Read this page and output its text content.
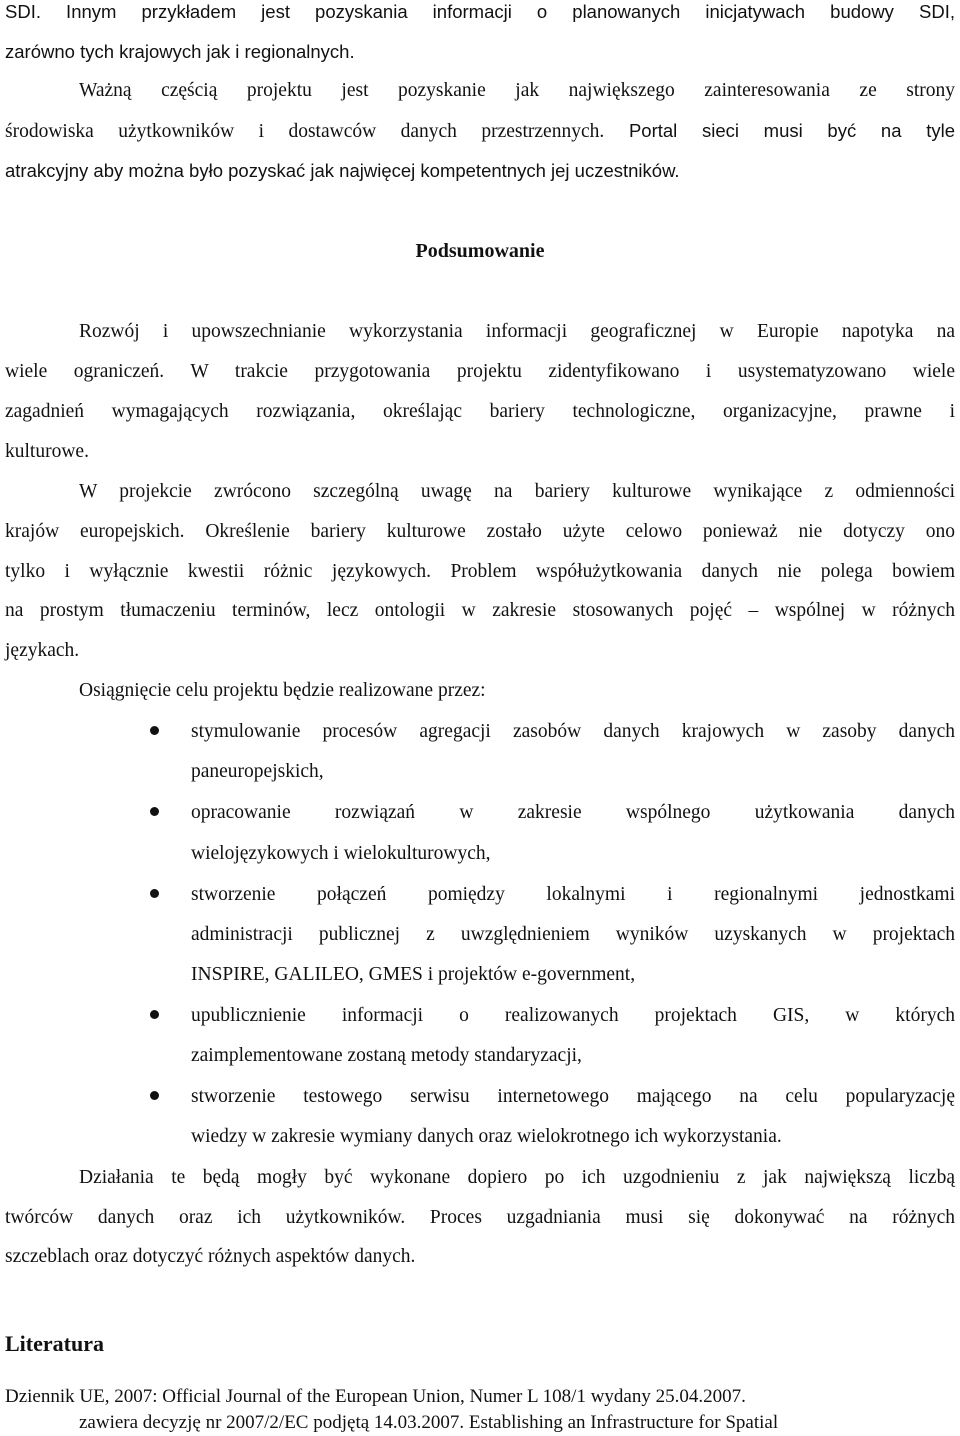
SDI. Innym przykładem jest pozyskania informacji o planowanych inicjatywach budowy SDI,
zarówno tych krajowych jak i regionalnych.
Ważną częścią projektu jest pozyskanie jak największego zainteresowania ze strony
środowiska użytkowników i dostawców danych przestrzennych. Portal sieci musi być na tyle
atrakcyjny aby można było pozyskać jak najwięcej kompetentnych jej uczestników.
Podsumowanie
Rozwój i upowszechnianie wykorzystania informacji geograficznej w Europie napotyka na
wiele ograniczeń. W trakcie przygotowania projektu zidentyfikowano i usystematyzowano wiele
zagadnień wymagających rozwiązania, określając bariery technologiczne, organizacyjne, prawne i
kulturowe.
W projekcie zwrócono szczególną uwagę na bariery kulturowe wynikające z odmienności
krajów europejskich. Określenie bariery kulturowe zostało użyte celowo ponieważ nie dotyczy ono
tylko i wyłącznie kwestii różnic językowych. Problem współużytkowania danych nie polega bowiem
na prostym tłumaczeniu terminów, lecz ontologii w zakresie stosowanych pojęć – wspólnej w różnych
językach.
Osiągnięcie celu projektu będzie realizowane przez:
stymulowanie procesów agregacji zasobów danych krajowych w zasoby danych
paneuropejskich,
opracowanie rozwiązań w zakresie wspólnego użytkowania danych
wielojęzykowych i wielokulturowych,
stworzenie połączeń pomiędzy lokalnymi i regionalnymi jednostkami
administracji publicznej z uwzględnieniem wyników uzyskanych w projektach
INSPIRE, GALILEO, GMES i projektów e-government,
upublicznienie informacji o realizowanych projektach GIS, w których
zaimplementowane zostaną metody standaryzacji,
stworzenie testowego serwisu internetowego mającego na celu popularyzację
wiedzy w zakresie wymiany danych oraz wielokrotnego ich wykorzystania.
Działania te będą mogły być wykonane dopiero po ich uzgodnieniu z jak największą liczbą
twórców danych oraz ich użytkowników. Proces uzgadniania musi się dokonywać na różnych
szczeblach oraz dotyczyć różnych aspektów danych.
Literatura
Dziennik UE, 2007: Official Journal of the European Union, Numer L 108/1 wydany 25.04.2007.
zawiera decyzję nr 2007/2/EC podjętą 14.03.2007. Establishing an Infrastructure for Spatial
